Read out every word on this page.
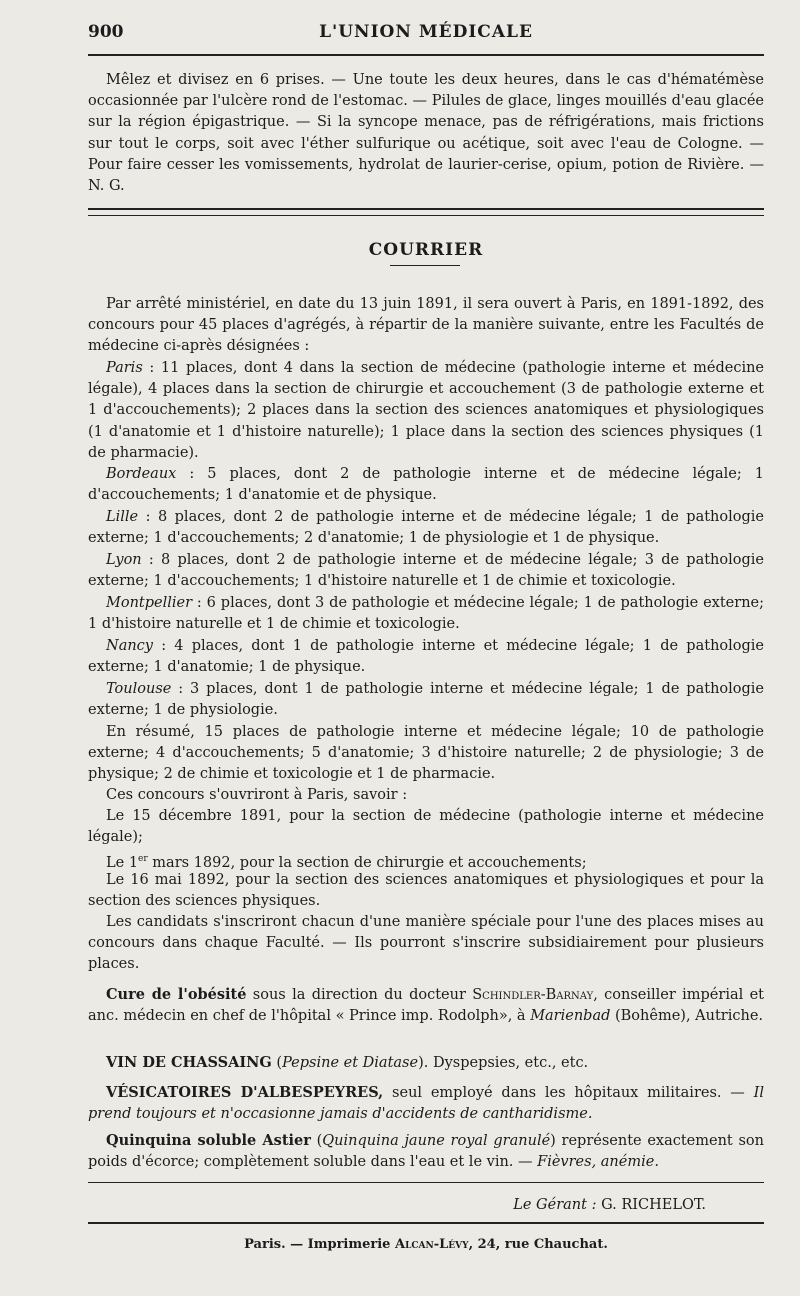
900	L'UNION MÉDICALE

Mêlez et divisez en 6 prises. — Une toute les deux heures, dans le cas d'hématémèse occasionnée par l'ulcère rond de l'estomac. — Pilules de glace, linges mouillés d'eau glacée sur la région épigastrique. — Si la syncope menace, pas de réfrigérations, mais frictions sur tout le corps, soit avec l'éther sulfurique ou acétique, soit avec l'eau de Cologne. — Pour faire cesser les vomissements, hydrolat de laurier-cerise, opium, potion de Rivière. — N. G.

COURRIER

Par arrêté ministériel, en date du 13 juin 1891, il sera ouvert à Paris, en 1891-1892, des concours pour 45 places d'agrégés, à répartir de la manière suivante, entre les Facultés de médecine ci-après désignées :

Paris : 11 places, dont 4 dans la section de médecine (pathologie interne et médecine légale), 4 places dans la section de chirurgie et accouchement (3 de pathologie externe et 1 d'accouchements); 2 places dans la section des sciences anatomiques et physiologiques (1 d'anatomie et 1 d'histoire naturelle); 1 place dans la section des sciences physiques (1 de pharmacie).

Bordeaux : 5 places, dont 2 de pathologie interne et de médecine légale; 1 d'accouchements; 1 d'anatomie et de physique.

Lille : 8 places, dont 2 de pathologie interne et de médecine légale; 1 de pathologie externe; 1 d'accouchements; 2 d'anatomie; 1 de physiologie et 1 de physique.

Lyon : 8 places, dont 2 de pathologie interne et de médecine légale; 3 de pathologie externe; 1 d'accouchements; 1 d'histoire naturelle et 1 de chimie et toxicologie.

Montpellier : 6 places, dont 3 de pathologie et médecine légale; 1 de pathologie externe; 1 d'histoire naturelle et 1 de chimie et toxicologie.

Nancy : 4 places, dont 1 de pathologie interne et médecine légale; 1 de pathologie externe; 1 d'anatomie; 1 de physique.

Toulouse : 3 places, dont 1 de pathologie interne et médecine légale; 1 de pathologie externe; 1 de physiologie.

En résumé, 15 places de pathologie interne et médecine légale; 10 de pathologie externe; 4 d'accouchements; 5 d'anatomie; 3 d'histoire naturelle; 2 de physiologie; 3 de physique; 2 de chimie et toxicologie et 1 de pharmacie.

Ces concours s'ouvriront à Paris, savoir :

Le 15 décembre 1891, pour la section de médecine (pathologie interne et médecine légale);

Le 1er mars 1892, pour la section de chirurgie et accouchements;

Le 16 mai 1892, pour la section des sciences anatomiques et physiologiques et pour la section des sciences physiques.

Les candidats s'inscriront chacun d'une manière spéciale pour l'une des places mises au concours dans chaque Faculté. — Ils pourront s'inscrire subsidiairement pour plusieurs places.

Cure de l'obésité sous la direction du docteur Schindler-Barnay, conseiller impérial et anc. médecin en chef de l'hôpital « Prince imp. Rodolph», à Marienbad (Bohême), Autriche.

VIN DE CHASSAING (Pepsine et Diatase). Dyspepsies, etc., etc.

VÉSICATOIRES D'ALBESPEYRES, seul employé dans les hôpitaux militaires. — Il prend toujours et n'occasionne jamais d'accidents de cantharidisme.

Quinquina soluble Astier (Quinquina jaune royal granulé) représente exactement son poids d'écorce; complètement soluble dans l'eau et le vin. — Fièvres, anémie.

Le Gérant : G. RICHELOT.
Paris. — Imprimerie Alcan-Lévy, 24, rue Chauchat.
